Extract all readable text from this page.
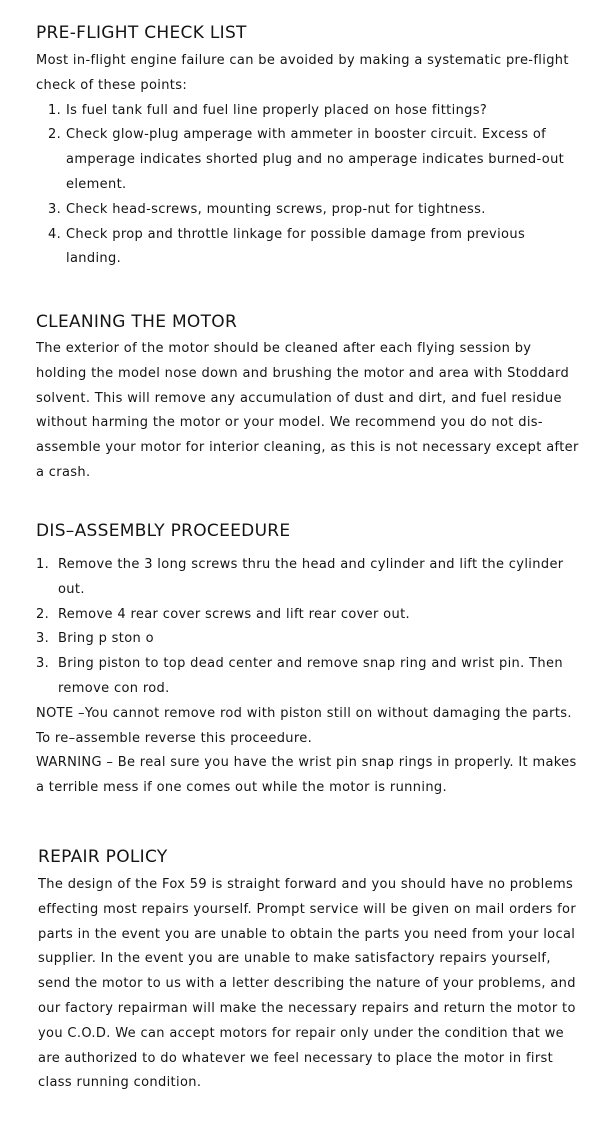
PRE-FLIGHT CHECK LIST

Most in-flight engine failure can be avoided by making a systematic pre-flight check of these points:

1. Is fuel tank full and fuel line properly placed on hose fittings?
2. Check glow-plug amperage with ammeter in booster circuit. Excess of amperage indicates shorted plug and no amperage indicates burned-out element.
3. Check head-screws, mounting screws, prop-nut for tightness.
4. Check prop and throttle linkage for possible damage from previous landing.
CLEANING THE MOTOR

The exterior of the motor should be cleaned after each flying session by holding the model nose down and brushing the motor and area with Stoddard solvent. This will remove any accumulation of dust and dirt, and fuel residue without harming the motor or your model. We recommend you do not dis-assemble your motor for interior cleaning, as this is not necessary except after a crash.

DIS–ASSEMBLY PROCEEDURE
1. Remove the 3 long screws thru the head and cylinder and lift the cylinder out.
2. Remove 4 rear cover screws and lift rear cover out.
3. Bring p ston o
3. Bring piston to top dead center and remove snap ring and wrist pin. Then remove con rod.
NOTE – You cannot remove rod with piston still on without damaging the parts.

To re–assemble reverse this proceedure.

WARNING – Be real sure you have the wrist pin snap rings in properly. It makes a terrible mess if one comes out while the motor is running.

REPAIR POLICY

The design of the Fox 59 is straight forward and you should have no problems effecting most repairs yourself. Prompt service will be given on mail orders for parts in the event you are unable to obtain the parts you need from your local supplier. In the event you are unable to make satisfactory repairs yourself, send the motor to us with a letter describing the nature of your problems, and our factory repairman will make the necessary repairs and return the motor to you C.O.D. We can accept motors for repair only under the condition that we are authorized to do whatever we feel necessary to place the motor in first class running condition.
